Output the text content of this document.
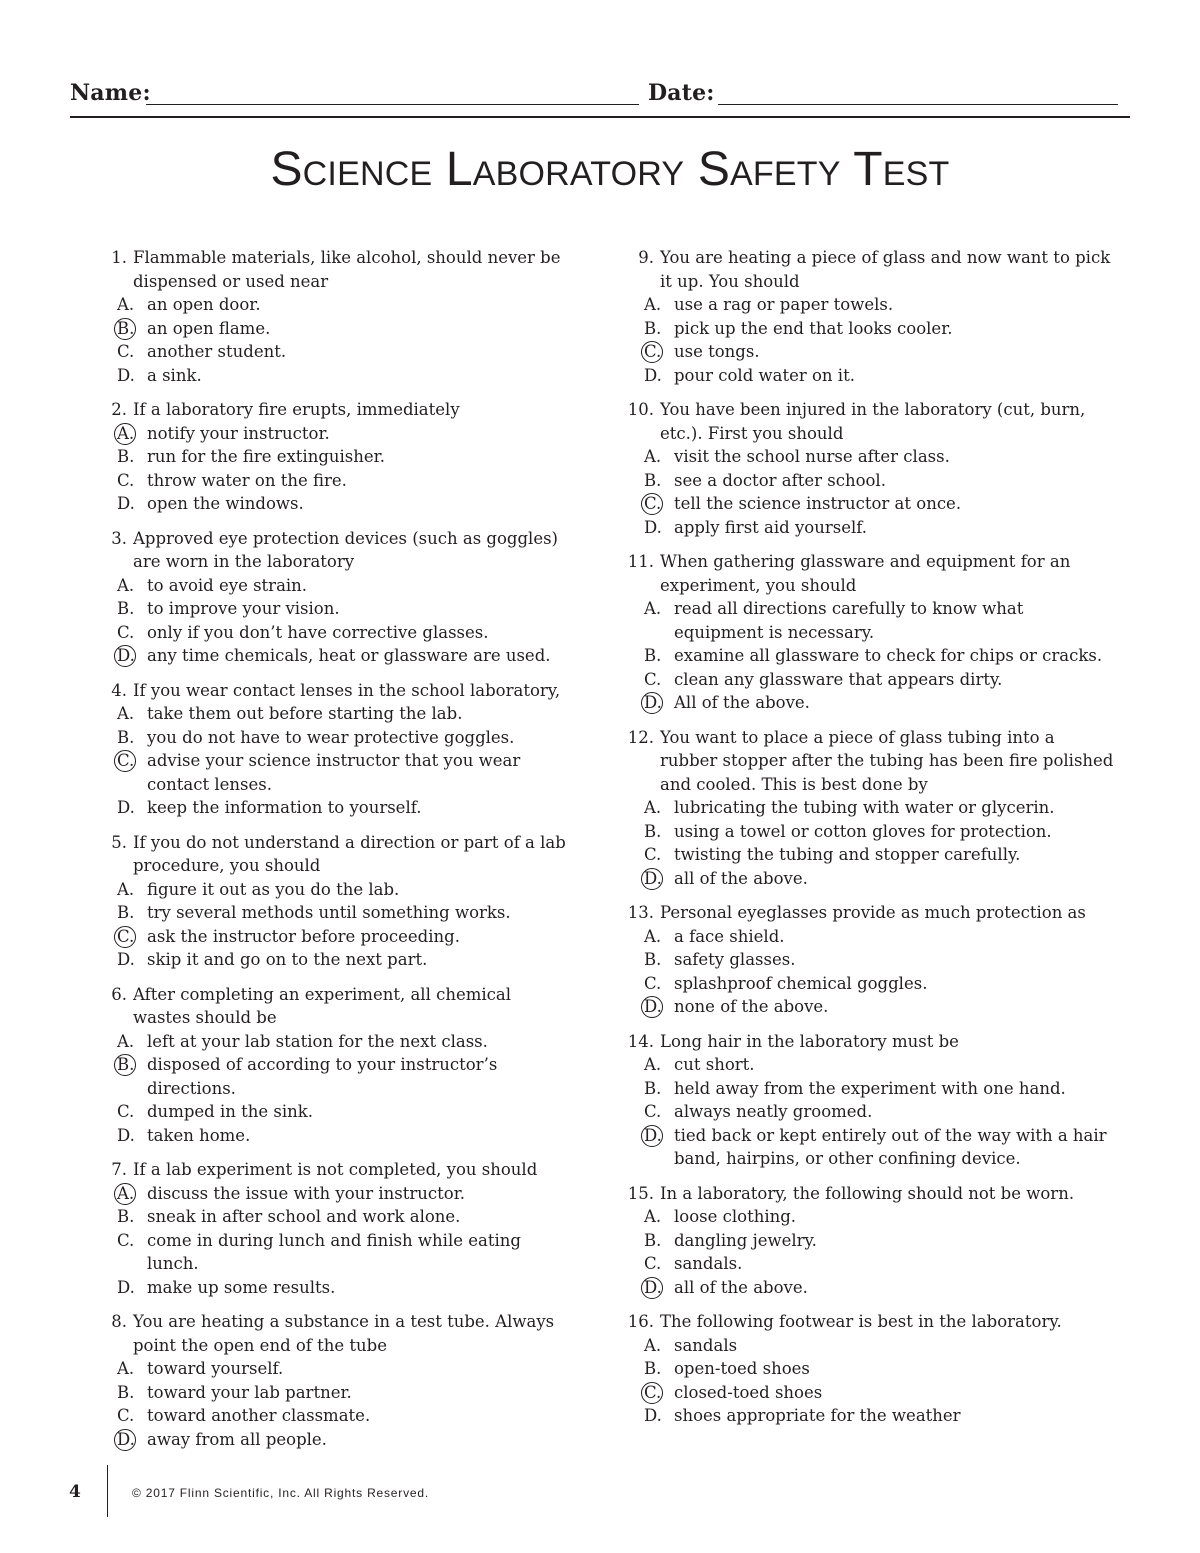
Name:	Date:
Science Laboratory Safety Test
1. Flammable materials, like alcohol, should never be dispensed or used near
A. an open door.
B. an open flame.
C. another student.
D. a sink.
2. If a laboratory fire erupts, immediately
A. notify your instructor.
B. run for the fire extinguisher.
C. throw water on the fire.
D. open the windows.
3. Approved eye protection devices (such as goggles) are worn in the laboratory
A. to avoid eye strain.
B. to improve your vision.
C. only if you don’t have corrective glasses.
D. any time chemicals, heat or glassware are used.
4. If you wear contact lenses in the school laboratory,
A. take them out before starting the lab.
B. you do not have to wear protective goggles.
C. advise your science instructor that you wear contact lenses.
D. keep the information to yourself.
5. If you do not understand a direction or part of a lab procedure, you should
A. figure it out as you do the lab.
B. try several methods until something works.
C. ask the instructor before proceeding.
D. skip it and go on to the next part.
6. After completing an experiment, all chemical wastes should be
A. left at your lab station for the next class.
B. disposed of according to your instructor’s directions.
C. dumped in the sink.
D. taken home.
7. If a lab experiment is not completed, you should
A. discuss the issue with your instructor.
B. sneak in after school and work alone.
C. come in during lunch and finish while eating lunch.
D. make up some results.
8. You are heating a substance in a test tube. Always point the open end of the tube
A. toward yourself.
B. toward your lab partner.
C. toward another classmate.
D. away from all people.
9. You are heating a piece of glass and now want to pick it up. You should
A. use a rag or paper towels.
B. pick up the end that looks cooler.
C. use tongs.
D. pour cold water on it.
10. You have been injured in the laboratory (cut, burn, etc.). First you should
A. visit the school nurse after class.
B. see a doctor after school.
C. tell the science instructor at once.
D. apply first aid yourself.
11. When gathering glassware and equipment for an experiment, you should
A. read all directions carefully to know what equipment is necessary.
B. examine all glassware to check for chips or cracks.
C. clean any glassware that appears dirty.
D. All of the above.
12. You want to place a piece of glass tubing into a rubber stopper after the tubing has been fire polished and cooled. This is best done by
A. lubricating the tubing with water or glycerin.
B. using a towel or cotton gloves for protection.
C. twisting the tubing and stopper carefully.
D. all of the above.
13. Personal eyeglasses provide as much protection as
A. a face shield.
B. safety glasses.
C. splashproof chemical goggles.
D. none of the above.
14. Long hair in the laboratory must be
A. cut short.
B. held away from the experiment with one hand.
C. always neatly groomed.
D. tied back or kept entirely out of the way with a hair band, hairpins, or other confining device.
15. In a laboratory, the following should not be worn.
A. loose clothing.
B. dangling jewelry.
C. sandals.
D. all of the above.
16. The following footwear is best in the laboratory.
A. sandals
B. open-toed shoes
C. closed-toed shoes
D. shoes appropriate for the weather
4	© 2017 Flinn Scientific, Inc. All Rights Reserved.
